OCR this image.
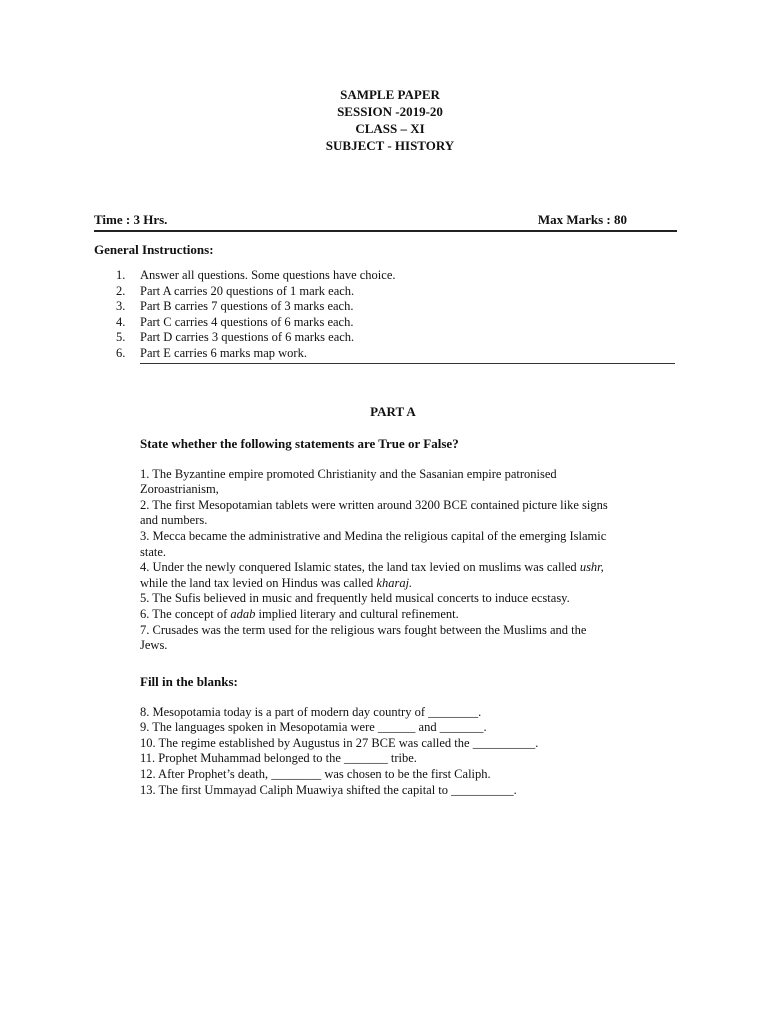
SAMPLE PAPER
SESSION -2019-20
CLASS – XI
SUBJECT - HISTORY
Time : 3 Hrs.	Max Marks : 80
General Instructions:
1. Answer all questions. Some questions have choice.
2. Part A carries 20 questions of 1 mark each.
3. Part B carries 7 questions of 3 marks each.
4. Part C carries 4 questions of 6 marks each.
5. Part D carries 3 questions of 6 marks each.
6. Part E carries 6 marks map work.
PART A
State whether the following statements are True or False?

1. The Byzantine empire promoted Christianity and the Sasanian empire patronised

Zoroastrianism,

2. The first Mesopotamian tablets were written around 3200 BCE contained picture like signs

and numbers.

3. Mecca became the administrative and Medina the religious capital of the emerging Islamic

state.

4. Under the newly conquered Islamic states, the land tax levied on muslims was called ushr,

while the land tax levied on Hindus was called kharaj.

5. The Sufis believed in music and frequently held musical concerts to induce ecstasy.

6. The concept of adab implied literary and cultural refinement.

7. Crusades was the term used for the religious wars fought between the Muslims and the

Jews.

Fill in the blanks:

8. Mesopotamia today is a part of modern day country of ________.

9. The languages spoken in Mesopotamia were ______ and _______.

10. The regime established by Augustus in 27 BCE was called the __________.

11. Prophet Muhammad belonged to the _______ tribe.

12. After Prophet’s death, ________ was chosen to be the first Caliph.

13. The first Ummayad Caliph Muawiya shifted the capital to __________.
